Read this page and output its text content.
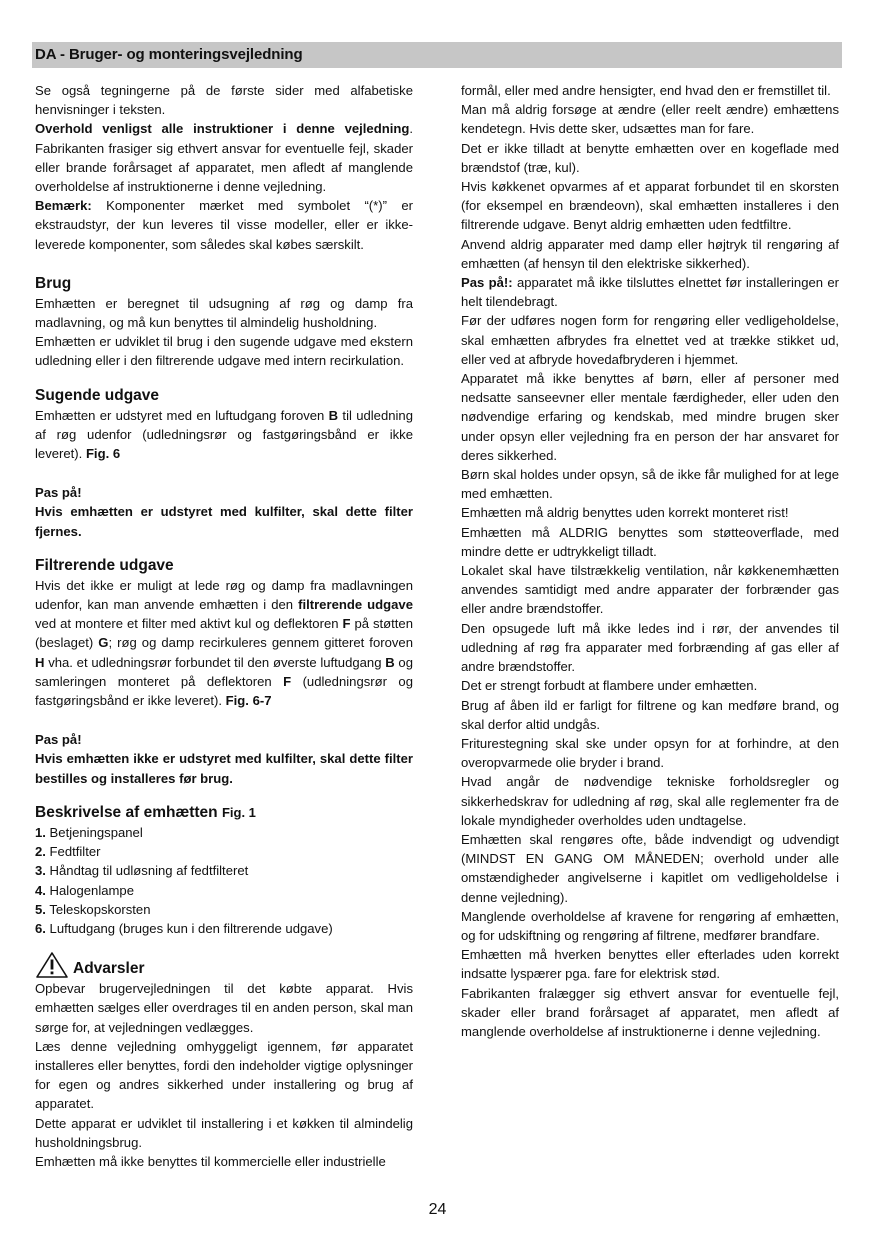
DA - Bruger- og monteringsvejledning

Se også tegningerne på de første sider med alfabetiske henvisninger i teksten.

Overhold venligst alle instruktioner i denne vejledning. Fabrikanten frasiger sig ethvert ansvar for eventuelle fejl, skader eller brande forårsaget af apparatet, men afledt af manglende overholdelse af instruktionerne i denne vejledning.

Bemærk: Komponenter mærket med symbolet “(*)” er ekstraudstyr, der kun leveres til visse modeller, eller er ikke-leverede komponenter, som således skal købes særskilt.

Brug

Emhætten er beregnet til udsugning af røg og damp fra madlavning, og må kun benyttes til almindelig husholdning.

Emhætten er udviklet til brug i den sugende udgave med ekstern udledning eller i den filtrerende udgave med intern recirkulation.

Sugende udgave

Emhætten er udstyret med en luftudgang foroven B til udledning af røg udenfor (udledningsrør og fastgøringsbånd er ikke leveret). Fig. 6

Pas på!

Hvis emhætten er udstyret med kulfilter, skal dette filter fjernes.

Filtrerende udgave

Hvis det ikke er muligt at lede røg og damp fra madlavningen udenfor, kan man anvende emhætten i den filtrerende udgave ved at montere et filter med aktivt kul og deflektoren F på støtten (beslaget) G; røg og damp recirkuleres gennem gitteret foroven H vha. et udledningsrør forbundet til den øverste luftudgang B og samleringen monteret på deflektoren F (udledningsrør og fastgøringsbånd er ikke leveret). Fig. 6-7

Pas på!

Hvis emhætten ikke er udstyret med kulfilter, skal dette filter bestilles og installeres før brug.

Beskrivelse af emhætten Fig. 1
1. Betjeningspanel
2. Fedtfilter
3. Håndtag til udløsning af fedtfilteret
4. Halogenlampe
5. Teleskopskorsten
6. Luftudgang (bruges kun i den filtrerende udgave)
Advarsler

Opbevar brugervejledningen til det købte apparat. Hvis emhætten sælges eller overdrages til en anden person, skal man sørge for, at vejledningen vedlægges.

Læs denne vejledning omhyggeligt igennem, før apparatet installeres eller benyttes, fordi den indeholder vigtige oplysninger for egen og andres sikkerhed under installering og brug af apparatet.

Dette apparat er udviklet til installering i et køkken til almindelig husholdningsbrug.

Emhætten må ikke benyttes til kommercielle eller industrielle

formål, eller med andre hensigter, end hvad den er fremstillet til.

Man må aldrig forsøge at ændre (eller reelt ændre) emhættens kendetegn. Hvis dette sker, udsættes man for fare.

Det er ikke tilladt at benytte emhætten over en kogeflade med brændstof (træ, kul).

Hvis køkkenet opvarmes af et apparat forbundet til en skorsten (for eksempel en brændeovn), skal emhætten installeres i den filtrerende udgave. Benyt aldrig emhætten uden fedtfiltre.

Anvend aldrig apparater med damp eller højtryk til rengøring af emhætten (af hensyn til den elektriske sikkerhed).

Pas på!: apparatet må ikke tilsluttes elnettet før installeringen er helt tilendebragt.

Før der udføres nogen form for rengøring eller vedligeholdelse, skal emhætten afbrydes fra elnettet ved at trække stikket ud, eller ved at afbryde hovedafbryderen i hjemmet.

Apparatet må ikke benyttes af børn, eller af personer med nedsatte sanseevner eller mentale færdigheder, eller uden den nødvendige erfaring og kendskab, med mindre brugen sker under opsyn eller vejledning fra en person der har ansvaret for deres sikkerhed.

Børn skal holdes under opsyn, så de ikke får mulighed for at lege med emhætten.

Emhætten må aldrig benyttes uden korrekt monteret rist!

Emhætten må ALDRIG benyttes som støtteoverflade, med mindre dette er udtrykkeligt tilladt.

Lokalet skal have tilstrækkelig ventilation, når køkkenemhætten anvendes samtidigt med andre apparater der forbrænder gas eller andre brændstoffer.

Den opsugede luft må ikke ledes ind i rør, der anvendes til udledning af røg fra apparater med forbrænding af gas eller af andre brændstoffer.

Det er strengt forbudt at flambere under emhætten.

Brug af åben ild er farligt for filtrene og kan medføre brand, og skal derfor altid undgås.

Friturestegning skal ske under opsyn for at forhindre, at den overopvarmede olie bryder i brand.

Hvad angår de nødvendige tekniske forholdsregler og sikkerhedskrav for udledning af røg, skal alle reglementer fra de lokale myndigheder overholdes uden undtagelse.

Emhætten skal rengøres ofte, både indvendigt og udvendigt (MINDST EN GANG OM MÅNEDEN; overhold under alle omstændigheder angivelserne i kapitlet om vedligeholdelse i denne vejledning).

Manglende overholdelse af kravene for rengøring af emhætten, og for udskiftning og rengøring af filtrene, medfører brandfare.

Emhætten må hverken benyttes eller efterlades uden korrekt indsatte lyspærer pga. fare for elektrisk stød.

Fabrikanten fralægger sig ethvert ansvar for eventuelle fejl, skader eller brand forårsaget af apparatet, men afledt af manglende overholdelse af instruktionerne i denne vejledning.

24
